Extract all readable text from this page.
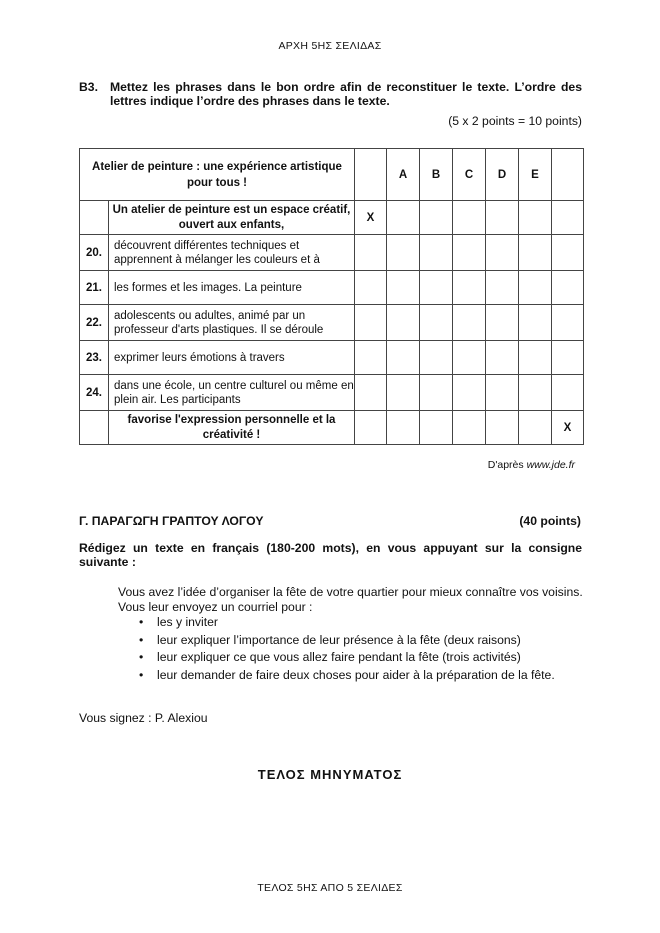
ΑΡΧΗ 5ΗΣ ΣΕΛΙΔΑΣ
B3. Mettez les phrases dans le bon ordre afin de reconstituer le texte. L’ordre des lettres indique l’ordre des phrases dans le texte.
(5 x 2 points = 10 points)
Atelier de peinture : une expérience artistique pour tous !			A	B	C	D	E	
	Un atelier de peinture est un espace créatif, ouvert aux enfants,	X						
20.	découvrent différentes techniques et apprennent à mélanger les couleurs et à							
21.	les formes et les images. La peinture							
22.	adolescents ou adultes, animé par un professeur d'arts plastiques. Il se déroule							
23.	exprimer leurs émotions à travers							
24.	dans une école, un centre culturel ou même en plein air. Les participants							
	favorise l'expression personnelle et la créativité !							X
D'après www.jde.fr
Γ. ΠΑΡΑΓΩΓΗ ΓΡΑΠΤΟΥ ΛΟΓΟΥ	(40 points)
Rédigez un texte en français (180-200 mots), en vous appuyant sur la consigne suivante :
Vous avez l’idée d’organiser la fête de votre quartier pour mieux connaître vos voisins.
Vous leur envoyez un courriel pour :
• les y inviter
• leur expliquer l’importance de leur présence à la fête (deux raisons)
• leur expliquer ce que vous allez faire pendant la fête (trois activités)
• leur demander de faire deux choses pour aider à la préparation de la fête.
Vous signez : P. Alexiou
ΤΕΛΟΣ ΜΗΝΥΜΑΤΟΣ
ΤΕΛΟΣ 5ΗΣ ΑΠΟ 5 ΣΕΛΙΔΕΣ
